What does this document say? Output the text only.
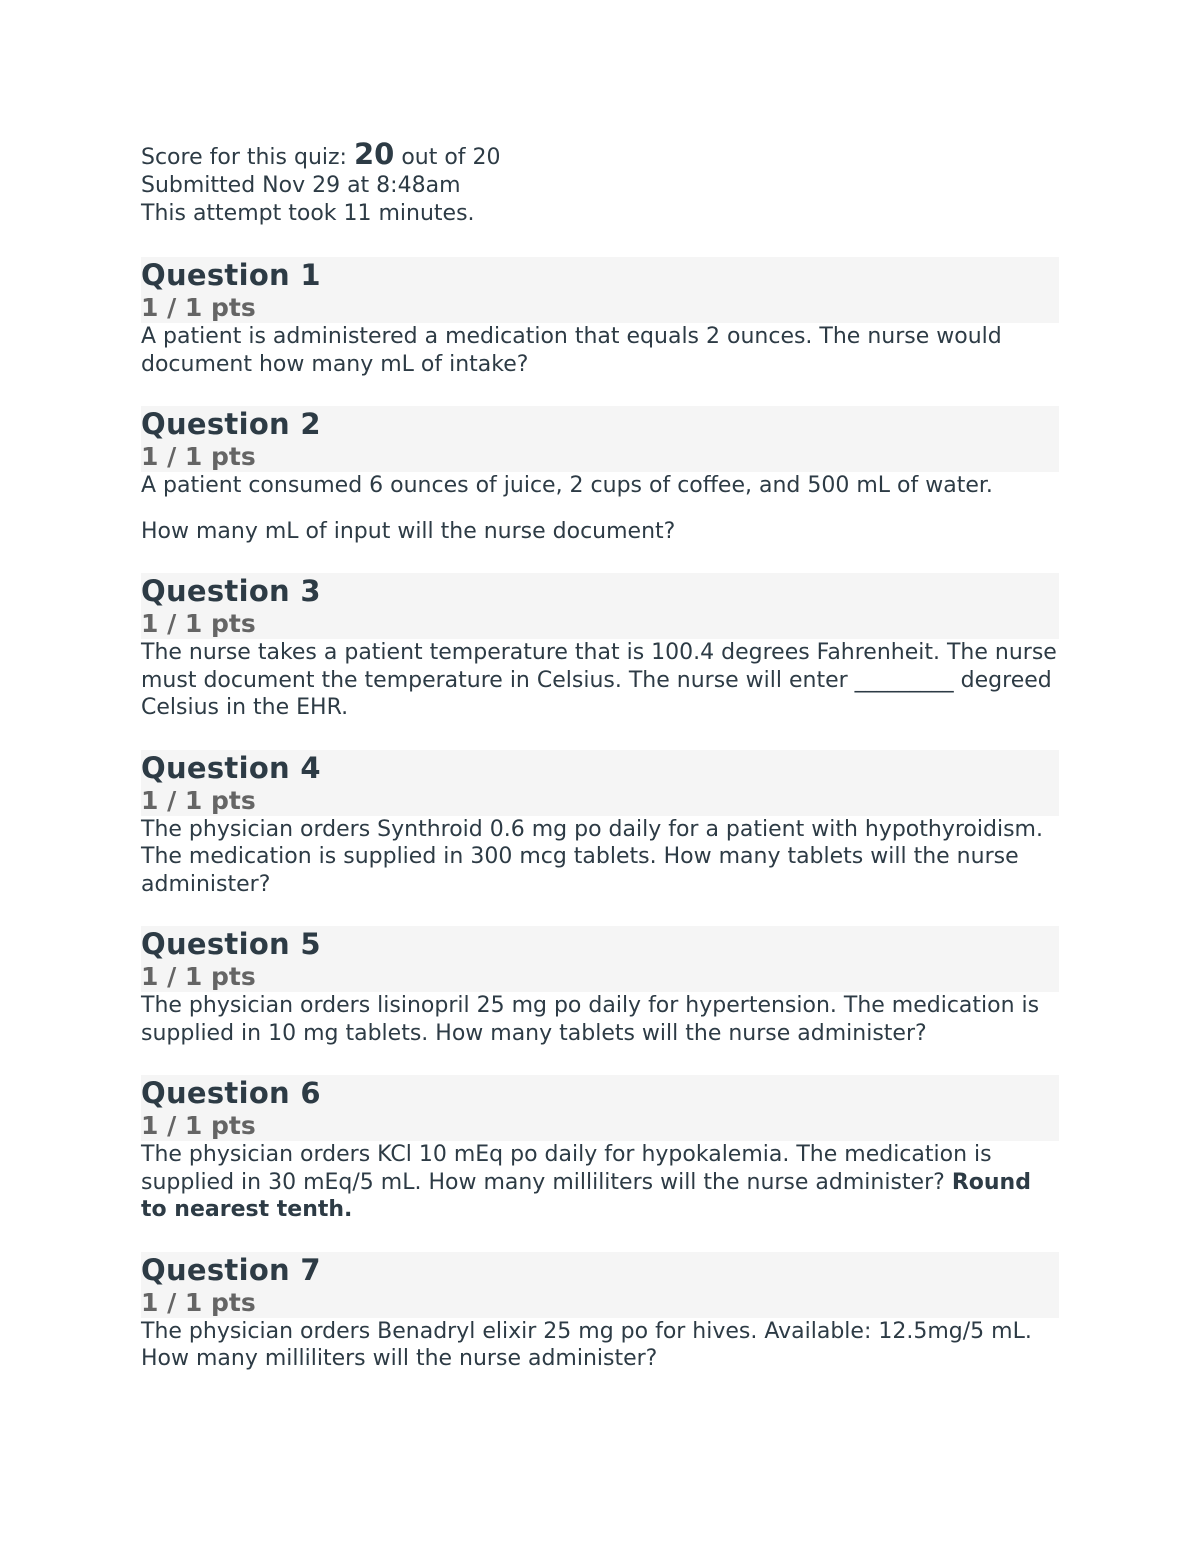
Score for this quiz: 20 out of 20
Submitted Nov 29 at 8:48am
This attempt took 11 minutes.
Question 1
1 / 1 pts

A patient is administered a medication that equals 2 ounces. The nurse would document how many mL of intake?

Question 2
1 / 1 pts

A patient consumed 6 ounces of juice, 2 cups of coffee, and 500 mL of water.

How many mL of input will the nurse document?

Question 3
1 / 1 pts

The nurse takes a patient temperature that is 100.4 degrees Fahrenheit. The nurse must document the temperature in Celsius. The nurse will enter _________ degreed Celsius in the EHR.

Question 4
1 / 1 pts

The physician orders Synthroid 0.6 mg po daily for a patient with hypothyroidism. The medication is supplied in 300 mcg tablets. How many tablets will the nurse administer?

Question 5
1 / 1 pts

The physician orders lisinopril 25 mg po daily for hypertension. The medication is supplied in 10 mg tablets. How many tablets will the nurse administer?

Question 6
1 / 1 pts

The physician orders KCl 10 mEq po daily for hypokalemia. The medication is supplied in 30 mEq/5 mL. How many milliliters will the nurse administer? Round to nearest tenth.

Question 7
1 / 1 pts

The physician orders Benadryl elixir 25 mg po for hives. Available: 12.5mg/5 mL. How many milliliters will the nurse administer?
